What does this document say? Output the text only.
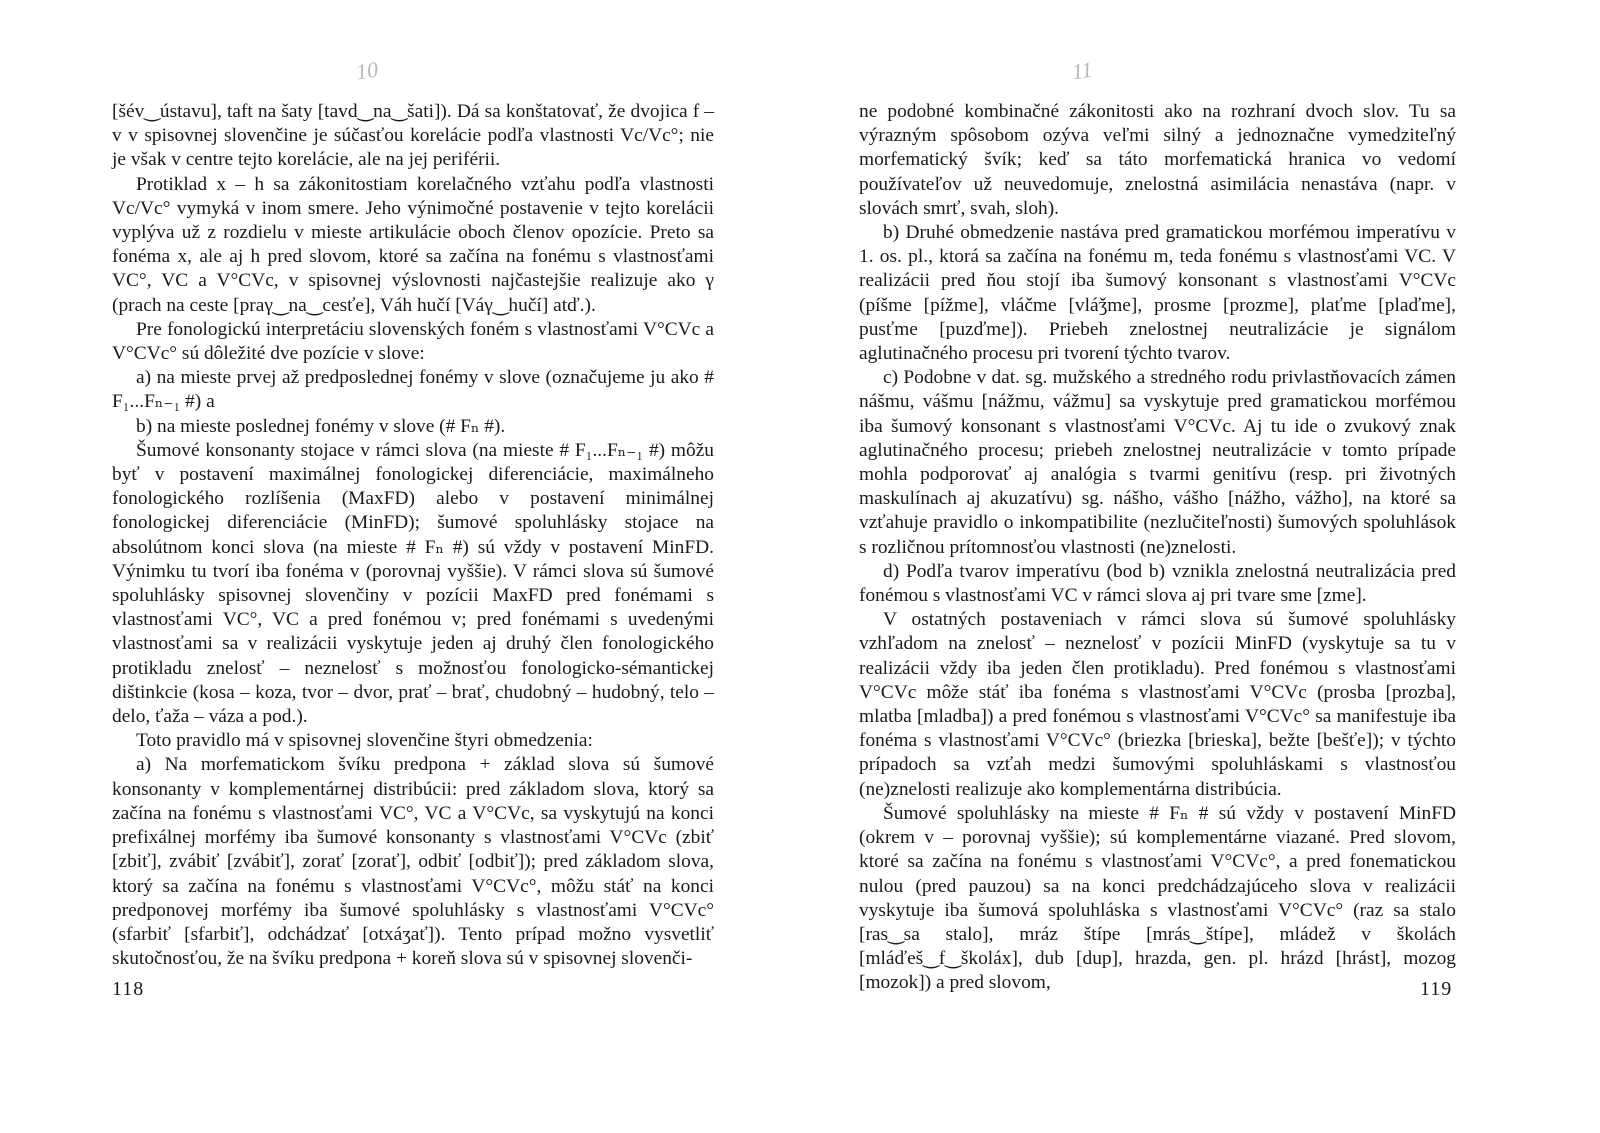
10

[šév‿ústavu], taft na šaty [tavd‿na‿šati]). Dá sa konštatovať, že dvojica f – v v spisovnej slovenčine je súčasťou korelácie podľa vlastnosti Vc/Vc°; nie je však v centre tejto korelácie, ale na jej periférii.

Protiklad x – h sa zákonitostiam korelačného vzťahu podľa vlastnosti Vc/Vc° vymyká v inom smere. Jeho výnimočné postavenie v tejto korelácii vyplýva už z rozdielu v mieste artikulácie oboch členov opozície. Preto sa fonéma x, ale aj h pred slovom, ktoré sa začína na fonému s vlastnosťami VC°, VC a V°CVc, v spisovnej výslovnosti najčastejšie realizuje ako γ (prach na ceste [praγ‿na‿cesťe], Váh hučí [Váγ‿hučí] atď.).

Pre fonologickú interpretáciu slovenských foném s vlastnosťami V°CVc a V°CVc° sú dôležité dve pozície v slove:

a) na mieste prvej až predposlednej fonémy v slove (označujeme ju ako # F₁...Fₙ₋₁ #) a

b) na mieste poslednej fonémy v slove (# Fₙ #).

Šumové konsonanty stojace v rámci slova (na mieste # F₁...Fₙ₋₁ #) môžu byť v postavení maximálnej fonologickej diferenciácie, maximálneho fonologického rozlíšenia (MaxFD) alebo v postavení minimálnej fonologickej diferenciácie (MinFD); šumové spoluhlásky stojace na absolútnom konci slova (na mieste # Fₙ #) sú vždy v postavení MinFD. Výnimku tu tvorí iba fonéma v (porovnaj vyššie). V rámci slova sú šumové spoluhlásky spisovnej slovenčiny v pozícii MaxFD pred fonémami s vlastnosťami VC°, VC a pred fonémou v; pred fonémami s uvedenými vlastnosťami sa v realizácii vyskytuje jeden aj druhý člen fonologického protikladu znelosť – neznelosť s možnosťou fonologicko-sémantickej dištinkcie (kosa – koza, tvor – dvor, prať – brať, chudobný – hudobný, telo – delo, ťaža – váza a pod.).

Toto pravidlo má v spisovnej slovenčine štyri obmedzenia:

a) Na morfematickom švíku predpona + základ slova sú šumové konsonanty v komplementárnej distribúcii: pred základom slova, ktorý sa začína na fonému s vlastnosťami VC°, VC a V°CVc, sa vyskytujú na konci prefixálnej morfémy iba šumové konsonanty s vlastnosťami V°CVc (zbiť [zbiť], zvábiť [zvábiť], zorať [zorať], odbiť [odbiť]); pred základom slova, ktorý sa začína na fonému s vlastnosťami V°CVc°, môžu stáť na konci predponovej morfémy iba šumové spoluhlásky s vlastnosťami V°CVc° (sfarbiť [sfarbiť], odchádzať [otxáʒať]). Tento prípad možno vysvetliť skutočnosťou, že na švíku predpona + koreň slova sú v spisovnej slovenči-

118
11

ne podobné kombinačné zákonitosti ako na rozhraní dvoch slov. Tu sa výrazným spôsobom ozýva veľmi silný a jednoznačne vymedziteľný morfematický švík; keď sa táto morfematická hranica vo vedomí používateľov už neuvedomuje, znelostná asimilácia nenastáva (napr. v slovách smrť, svah, sloh).

b) Druhé obmedzenie nastáva pred gramatickou morfémou imperatívu v 1. os. pl., ktorá sa začína na fonému m, teda fonému s vlastnosťami VC. V realizácii pred ňou stojí iba šumový konsonant s vlastnosťami V°CVc (píšme [pížme], vláčme [vláǯme], prosme [prozme], plaťme [plaďme], pusťme [puzďme]). Priebeh znelostnej neutralizácie je signálom aglutinačného procesu pri tvorení týchto tvarov.

c) Podobne v dat. sg. mužského a stredného rodu privlastňovacích zámen nášmu, vášmu [nážmu, vážmu] sa vyskytuje pred gramatickou morfémou iba šumový konsonant s vlastnosťami V°CVc. Aj tu ide o zvukový znak aglutinačného procesu; priebeh znelostnej neutralizácie v tomto prípade mohla podporovať aj analógia s tvarmi genitívu (resp. pri životných maskulínach aj akuzatívu) sg. nášho, vášho [nážho, vážho], na ktoré sa vzťahuje pravidlo o inkompatibilite (nezlučiteľnosti) šumových spoluhlások s rozličnou prítomnosťou vlastnosti (ne)znelosti.

d) Podľa tvarov imperatívu (bod b) vznikla znelostná neutralizácia pred fonémou s vlastnosťami VC v rámci slova aj pri tvare sme [zme].

V ostatných postaveniach v rámci slova sú šumové spoluhlásky vzhľadom na znelosť – neznelosť v pozícii MinFD (vyskytuje sa tu v realizácii vždy iba jeden člen protikladu). Pred fonémou s vlastnosťami V°CVc môže stáť iba fonéma s vlastnosťami V°CVc (prosba [prozba], mlatba [mladba]) a pred fonémou s vlastnosťami V°CVc° sa manifestuje iba fonéma s vlastnosťami V°CVc° (briezka [brieska], bežte [bešťe]); v týchto prípadoch sa vzťah medzi šumovými spoluhláskami s vlastnosťou (ne)znelosti realizuje ako komplementárna distribúcia.

Šumové spoluhlásky na mieste # Fₙ # sú vždy v postavení MinFD (okrem v – porovnaj vyššie); sú komplementárne viazané. Pred slovom, ktoré sa začína na fonému s vlastnosťami V°CVc°, a pred fonematickou nulou (pred pauzou) sa na konci predchádzajúceho slova v realizácii vyskytuje iba šumová spoluhláska s vlastnosťami V°CVc° (raz sa stalo [ras‿sa stalo], mráz štípe [mrás‿štípe], mládež v školách [mláďeš‿f‿školáx], dub [dup], hrazda, gen. pl. hrázd [hrást], mozog [mozok]) a pred slovom,	119
